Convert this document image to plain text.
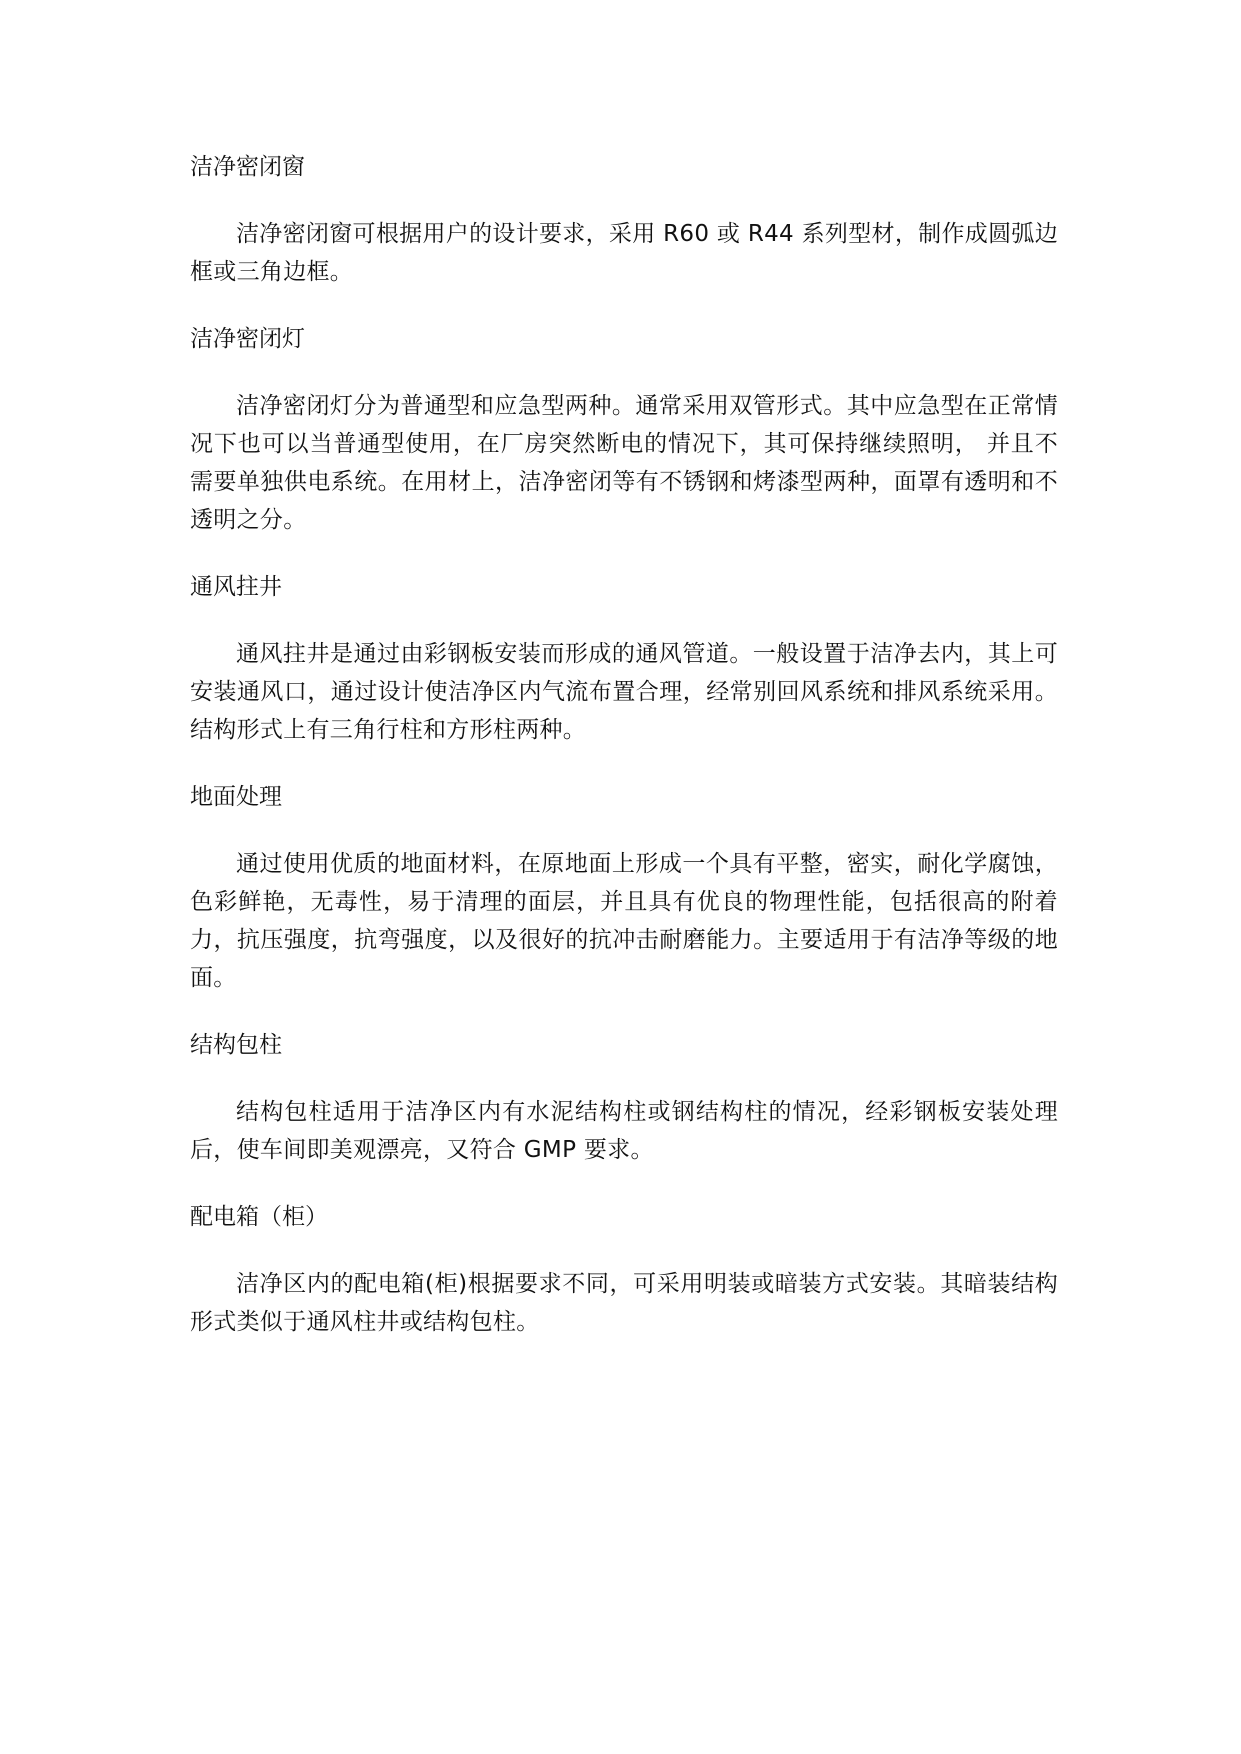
洁净密闭窗

洁净密闭窗可根据用户的设计要求，采用 R60 或 R44 系列型材，制作成圆弧边框或三角边框。

洁净密闭灯

洁净密闭灯分为普通型和应急型两种。通常采用双管形式。其中应急型在正常情况下也可以当普通型使用，在厂房突然断电的情况下，其可保持继续照明， 并且不需要单独供电系统。在用材上，洁净密闭等有不锈钢和烤漆型两种，面罩有透明和不透明之分。

通风拄井

通风拄井是通过由彩钢板安装而形成的通风管道。一般设置于洁净去内，其上可安装通风口，通过设计使洁净区内气流布置合理，经常别回风系统和排风系统采用。结构形式上有三角行柱和方形柱两种。

地面处理

通过使用优质的地面材料，在原地面上形成一个具有平整，密实，耐化学腐蚀，色彩鲜艳，无毒性，易于清理的面层，并且具有优良的物理性能，包括很高的附着力，抗压强度，抗弯强度，以及很好的抗冲击耐磨能力。主要适用于有洁净等级的地面。

结构包柱

结构包柱适用于洁净区内有水泥结构柱或钢结构柱的情况，经彩钢板安装处理后，使车间即美观漂亮，又符合 GMP 要求。

配电箱（柜）

洁净区内的配电箱(柜)根据要求不同，可采用明装或暗装方式安装。其暗装结构形式类似于通风柱井或结构包柱。
